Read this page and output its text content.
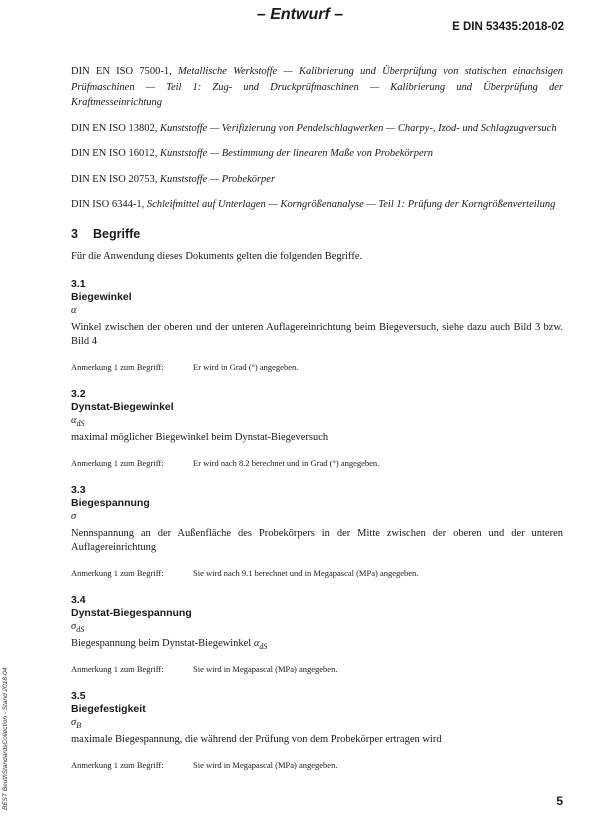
– Entwurf –
E DIN 53435:2018-02

DIN EN ISO 7500-1, Metallische Werkstoffe — Kalibrierung und Überprüfung von statischen einachsigen Prüfmaschinen — Teil 1: Zug- und Druckprüfmaschinen — Kalibrierung und Überprüfung der Kraftmesseinrichtung

DIN EN ISO 13802, Kunststoffe — Verifizierung von Pendelschlagwerken — Charpy-, Izod- und Schlagzugversuch

DIN EN ISO 16012, Kunststoffe — Bestimmung der linearen Maße von Probekörpern

DIN EN ISO 20753, Kunststoffe — Probekörper

DIN ISO 6344-1, Schleifmittel auf Unterlagen — Korngrößenanalyse — Teil 1: Prüfung der Korngrößenverteilung

3 Begriffe

Für die Anwendung dieses Dokuments gelten die folgenden Begriffe.

3.1
Biegewinkel
α
Winkel zwischen der oberen und der unteren Auflagereinrichtung beim Biegeversuch, siehe dazu auch Bild 3 bzw. Bild 4
Anmerkung 1 zum Begriff:	Er wird in Grad (°) angegeben.
3.2
Dynstat-Biegewinkel
$\alpha_{dS}$
maximal möglicher Biegewinkel beim Dynstat-Biegeversuch
Anmerkung 1 zum Begriff:	Er wird nach 8.2 berechnet und in Grad (°) angegeben.
3.3
Biegespannung
σ
Nennspannung an der Außenfläche des Probekörpers in der Mitte zwischen der oberen und der unteren Auflagereinrichtung
Anmerkung 1 zum Begriff:	Sie wird nach 9.1 berechnet und in Megapascal (MPa) angegeben.
3.4
Dynstat-Biegespannung
$\sigma_{dS}$
Biegespannung beim Dynstat-Biegewinkel $\alpha_{dS}$
Anmerkung 1 zum Begriff:	Sie wird in Megapascal (MPa) angegeben.
3.5
Biegefestigkeit
$\sigma_B$
maximale Biegespannung, die während der Prüfung von dem Probekörper ertragen wird
Anmerkung 1 zum Begriff:	Sie wird in Megapascal (MPa) angegeben.
5
BEST BeuthStandardsCollection - Stand 2018-04
